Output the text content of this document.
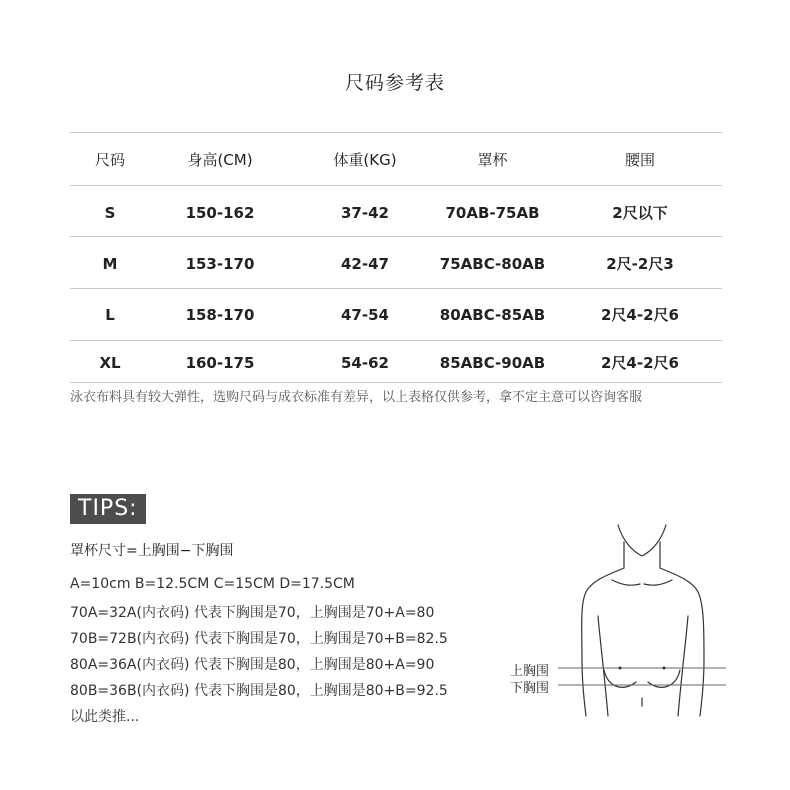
尺码参考表
尺码	身高(CM)	体重(KG)	罩杯	腰围
S	150-162	37-42	70AB-75AB	2尺以下
M	153-170	42-47	75ABC-80AB	2尺-2尺3
L	158-170	47-54	80ABC-85AB	2尺4-2尺6
XL	160-175	54-62	85ABC-90AB	2尺4-2尺6
泳衣布料具有较大弹性，选购尺码与成衣标准有差异，以上表格仅供参考，拿不定主意可以咨询客服
TIPS:
罩杯尺寸=上胸围−下胸围
A=10cm B=12.5CM C=15CM D=17.5CM
70A=32A(内衣码) 代表下胸围是70，上胸围是70+A=80
70B=72B(内衣码) 代表下胸围是70，上胸围是70+B=82.5
80A=36A(内衣码) 代表下胸围是80，上胸围是80+A=90
80B=36B(内衣码) 代表下胸围是80，上胸围是80+B=92.5
以此类推...
上胸围
下胸围
